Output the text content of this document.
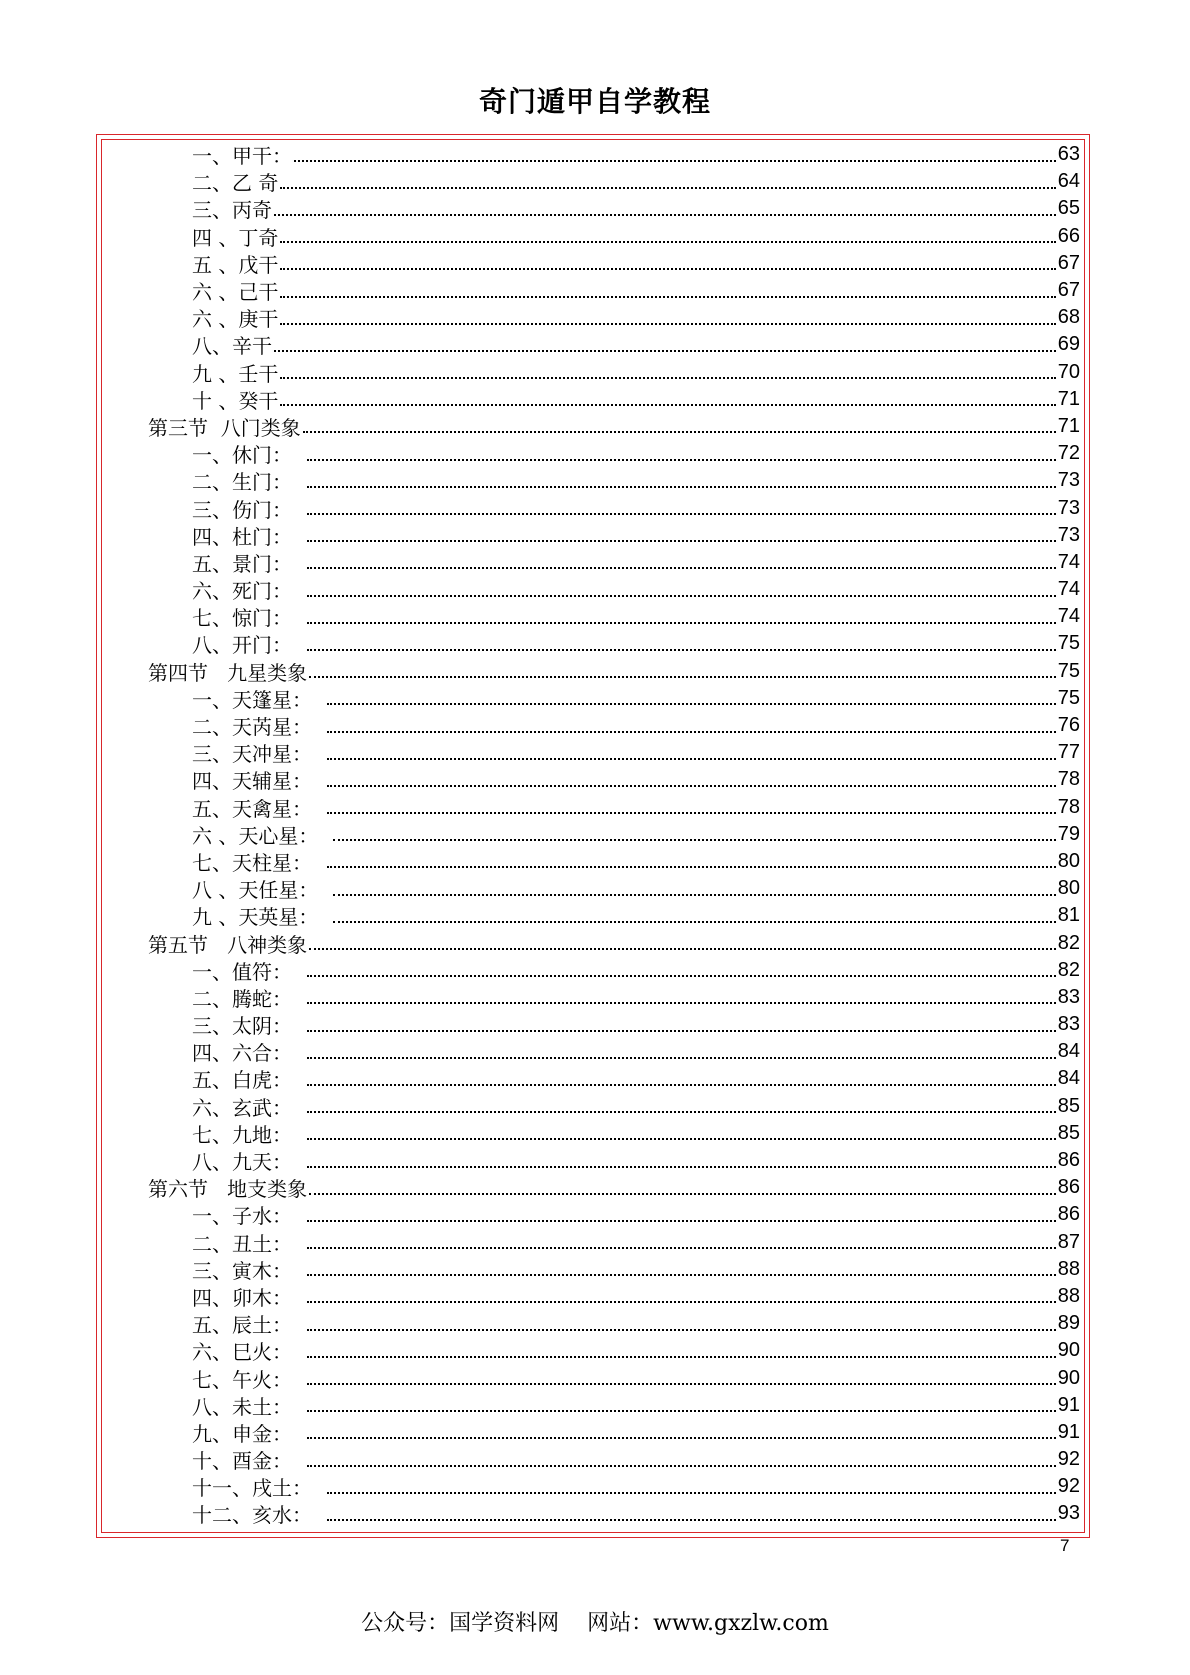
奇门遁甲自学教程
一、甲干：	63
二、乙 奇	64
三、丙奇	65
四 、丁奇	66
五 、戊干	67
六 、己干	67
六 、庚干	68
八、辛干	69
九 、壬干	70
十 、癸干	71
第三节  八门类象	71
一、休门：	72
二、生门：	73
三、伤门：	73
四、杜门：	73
五、景门：	74
六、死门：	74
七、惊门：	74
八、开门：	75
第四节   九星类象	75
一、天篷星：	75
二、天芮星：	76
三、天冲星：	77
四、天辅星：	78
五、天禽星：	78
六 、天心星：	79
七、天柱星：	80
八 、天任星：	80
九 、天英星：	81
第五节   八神类象	82
一、值符：	82
二、腾蛇：	83
三、太阴：	83
四、六合：	84
五、白虎：	84
六、玄武：	85
七、九地：	85
八、九天：	86
第六节   地支类象	86
一、子水：	86
二、丑土：	87
三、寅木：	88
四、卯木：	88
五、辰土：	89
六、巳火：	90
七、午火：	90
八、未土：	91
九、申金：	91
十、酉金：	92
十一、戌土：	92
十二、亥水：	93
7
公众号：国学资料网 网站：www.gxzlw.com
